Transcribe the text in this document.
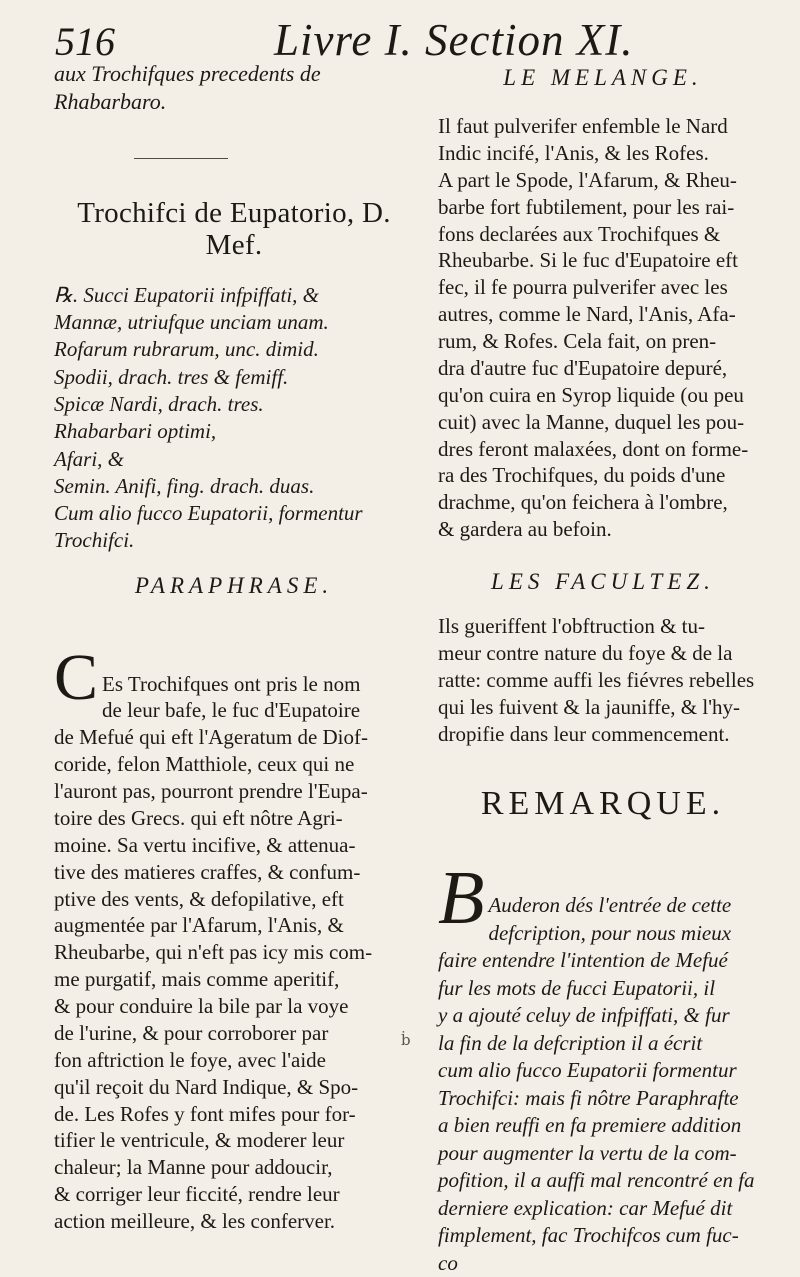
516	Livre I. Section XI.

aux Trochifques precedents de Rhabarbaro.

Trochifci de Eupatorio, D. Mef.
℞. Succi Eupatorii infpiffati, &
Mannæ, utriufque unciam unam.
Rofarum rubrarum, unc. dimid.
Spodii, drach. tres & femiff.
Spicæ Nardi, drach. tres.
Rhabarbari optimi,
Afari, &
Semin. Anifi, fing. drach. duas.
Cum alio fucco Eupatorii, formentur
Trochifci.
PARAPHRASE.

C Es Trochifques ont pris le nom
de leur bafe, le fuc d'Eupatoire
de Mefué qui eft l'Ageratum de Diof-
coride, felon Matthiole, ceux qui ne
l'auront pas, pourront prendre l'Eupa-
toire des Grecs. qui eft nôtre Agri-
moine. Sa vertu incifive, & attenua-
tive des matieres craffes, & confum-
ptive des vents, & defopilative, eft
augmentée par l'Afarum, l'Anis, &
Rheubarbe, qui n'eft pas icy mis com-
me purgatif, mais comme aperitif,
& pour conduire la bile par la voye
de l'urine, & pour corroborer par
fon aftriction le foye, avec l'aide
qu'il reçoit du Nard Indique, & Spo-
de. Les Rofes y font mifes pour for-
tifier le ventricule, & moderer leur
chaleur; la Manne pour addoucir,
& corriger leur ficcité, rendre leur
action meilleure, & les conferver.

LE MELANGE.
Il faut pulverifer enfemble le Nard
Indic incifé, l'Anis, & les Rofes.
A part le Spode, l'Afarum, & Rheu-
barbe fort fubtilement, pour les rai-
fons declarées aux Trochifques &
Rheubarbe. Si le fuc d'Eupatoire eft
fec, il fe pourra pulverifer avec les
autres, comme le Nard, l'Anis, Afa-
rum, & Rofes. Cela fait, on pren-
dra d'autre fuc d'Eupatoire depuré,
qu'on cuira en Syrop liquide (ou peu
cuit) avec la Manne, duquel les pou-
dres feront malaxées, dont on forme-
ra des Trochifques, du poids d'une
drachme, qu'on feichera à l'ombre,
& gardera au befoin.
LES FACULTEZ.
Ils gueriffent l'obftruction & tu-
meur contre nature du foye & de la
ratte: comme auffi les fiévres rebelles
qui les fuivent & la jauniffe, & l'hy-
dropifie dans leur commencement.
REMARQUE.

B Auderon dés l'entrée de cette
defcription, pour nous mieux
faire entendre l'intention de Mefué
fur les mots de fucci Eupatorii, il
y a ajouté celuy de infpiffati, & fur
la fin de la defcription il a écrit
cum alio fucco Eupatorii formentur
Trochifci: mais fi nôtre Paraphrafte
a bien reuffi en fa premiere addition
pour augmenter la vertu de la com-
pofition, il a auffi mal rencontré en fa
derniere explication: car Mefué dit
fimplement, fac Trochifcos cum fuc-
co

ḃ
